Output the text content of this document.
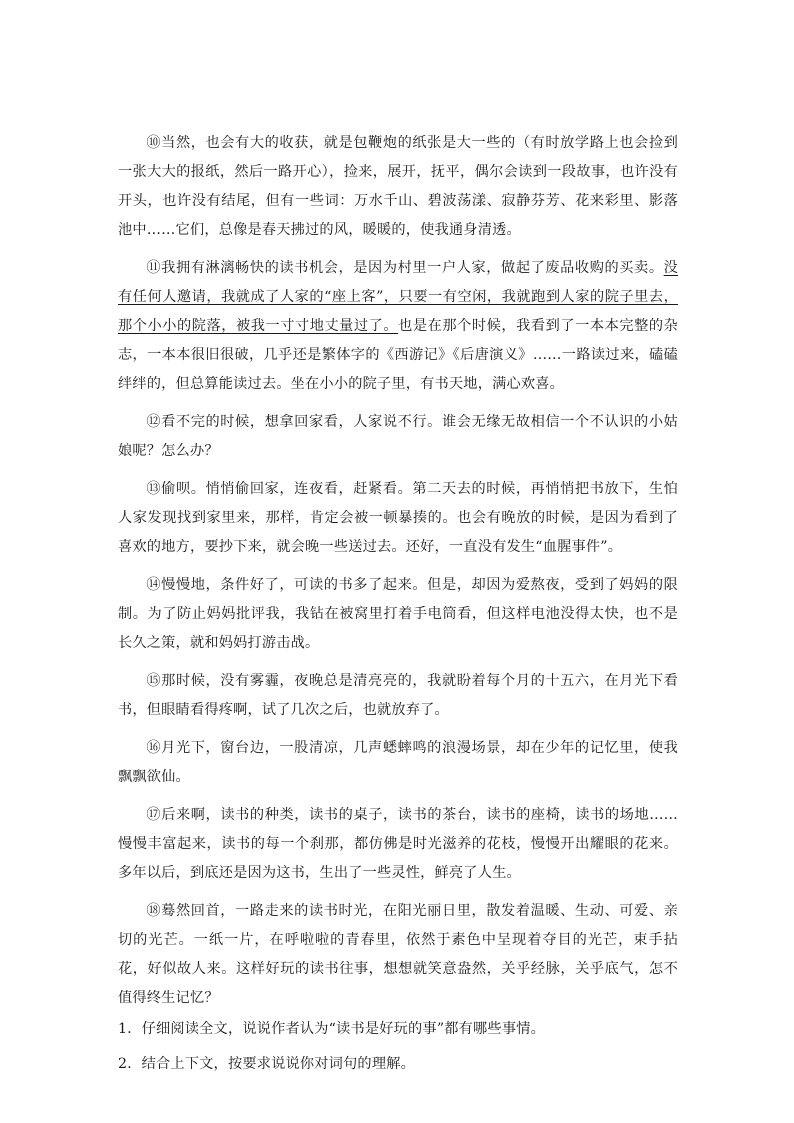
⑩当然，也会有大的收获，就是包鞭炮的纸张是大一些的（有时放学路上也会捡到一张大大的报纸，然后一路开心），捡来，展开，抚平，偶尔会读到一段故事，也许没有开头，也许没有结尾，但有一些词：万水千山、碧波荡漾、寂静芬芳、花来彩里、影落池中……它们，总像是春天拂过的风，暖暖的，使我通身清透。

⑪我拥有淋漓畅快的读书机会，是因为村里一户人家，做起了废品收购的买卖。没有任何人邀请，我就成了人家的“座上客”，只要一有空闲，我就跑到人家的院子里去，那个小小的院落，被我一寸寸地丈量过了。也是在那个时候，我看到了一本本完整的杂志，一本本很旧很破，几乎还是繁体字的《西游记》《后唐演义》……一路读过来，磕磕绊绊的，但总算能读过去。坐在小小的院子里，有书天地，满心欢喜。

⑫看不完的时候，想拿回家看，人家说不行。谁会无缘无故相信一个不认识的小姑娘呢？怎么办？

⑬偷呗。悄悄偷回家，连夜看，赶紧看。第二天去的时候，再悄悄把书放下，生怕人家发现找到家里来，那样，肯定会被一顿暴揍的。也会有晚放的时候，是因为看到了喜欢的地方，要抄下来，就会晚一些送过去。还好，一直没有发生“血腥事件”。

⑭慢慢地，条件好了，可读的书多了起来。但是，却因为爱熬夜，受到了妈妈的限制。为了防止妈妈批评我，我钻在被窝里打着手电筒看，但这样电池没得太快，也不是长久之策，就和妈妈打游击战。

⑮那时候，没有雾霾，夜晚总是清亮亮的，我就盼着每个月的十五六，在月光下看书，但眼睛看得疼啊，试了几次之后，也就放弃了。

⑯月光下，窗台边，一股清凉，几声蟋蟀鸣的浪漫场景，却在少年的记忆里，使我飘飘欲仙。

⑰后来啊，读书的种类，读书的桌子，读书的茶台，读书的座椅，读书的场地……慢慢丰富起来，读书的每一个刹那，都仿佛是时光滋养的花枝，慢慢开出耀眼的花来。多年以后，到底还是因为这书，生出了一些灵性，鲜亮了人生。

⑱蓦然回首，一路走来的读书时光，在阳光丽日里，散发着温暖、生动、可爱、亲切的光芒。一纸一片，在呼啦啦的青春里，依然于素色中呈现着夺目的光芒，束手拈花，好似故人来。这样好玩的读书往事，想想就笑意盎然，关乎经脉，关乎底气，怎不值得终生记忆？

1．仔细阅读全文，说说作者认为“读书是好玩的事”都有哪些事情。

2．结合上下文，按要求说说你对词句的理解。
